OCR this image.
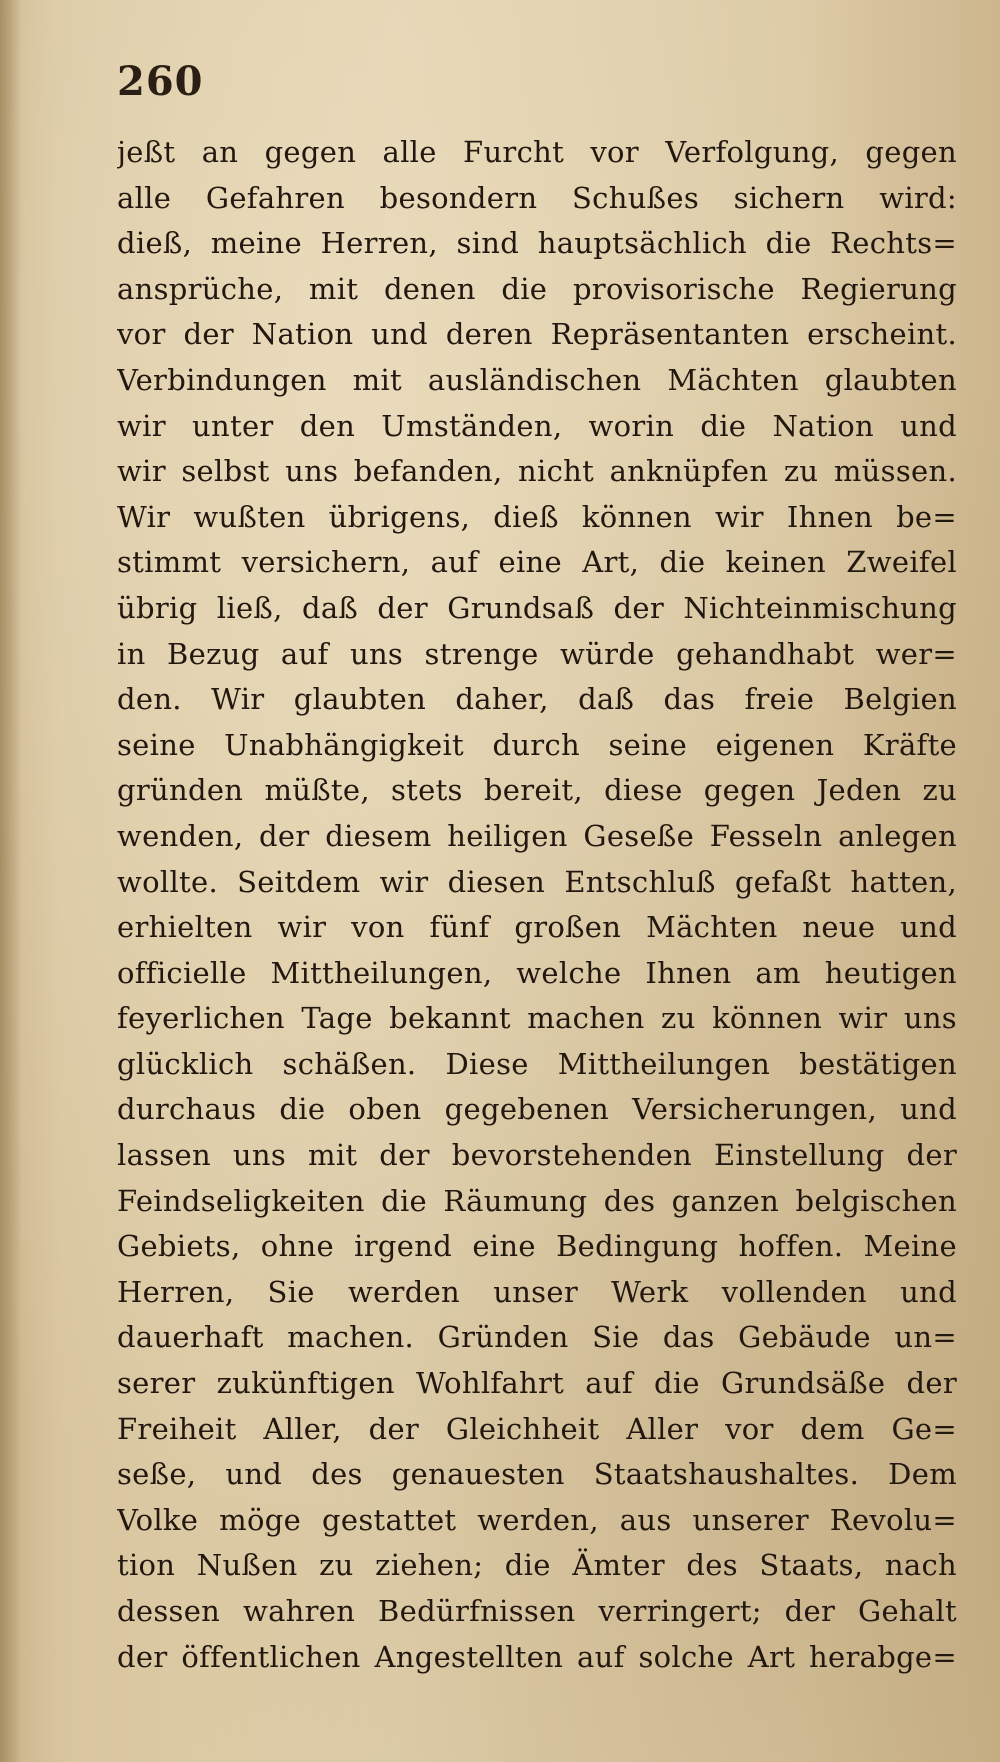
260
jeßt an gegen alle Furcht vor Verfolgung, gegen
alle Gefahren besondern Schußes sichern wird:
dieß, meine Herren, sind hauptsächlich die Rechts=
ansprüche, mit denen die provisorische Regierung
vor der Nation und deren Repräsentanten erscheint.
Verbindungen mit ausländischen Mächten glaubten
wir unter den Umständen, worin die Nation und
wir selbst uns befanden, nicht anknüpfen zu müssen.
Wir wußten übrigens, dieß können wir Ihnen be=
stimmt versichern, auf eine Art, die keinen Zweifel
übrig ließ, daß der Grundsaß der Nichteinmischung
in Bezug auf uns strenge würde gehandhabt wer=
den. Wir glaubten daher, daß das freie Belgien
seine Unabhängigkeit durch seine eigenen Kräfte
gründen müßte, stets bereit, diese gegen Jeden zu
wenden, der diesem heiligen Geseße Fesseln anlegen
wollte. Seitdem wir diesen Entschluß gefaßt hatten,
erhielten wir von fünf großen Mächten neue und
officielle Mittheilungen, welche Ihnen am heutigen
feyerlichen Tage bekannt machen zu können wir uns
glücklich schäßen. Diese Mittheilungen bestätigen
durchaus die oben gegebenen Versicherungen, und
lassen uns mit der bevorstehenden Einstellung der
Feindseligkeiten die Räumung des ganzen belgischen
Gebiets, ohne irgend eine Bedingung hoffen. Meine
Herren, Sie werden unser Werk vollenden und
dauerhaft machen. Gründen Sie das Gebäude un=
serer zukünftigen Wohlfahrt auf die Grundsäße der
Freiheit Aller, der Gleichheit Aller vor dem Ge=
seße, und des genauesten Staatshaushaltes. Dem
Volke möge gestattet werden, aus unserer Revolu=
tion Nußen zu ziehen; die Ämter des Staats, nach
dessen wahren Bedürfnissen verringert; der Gehalt
der öffentlichen Angestellten auf solche Art herabge=
